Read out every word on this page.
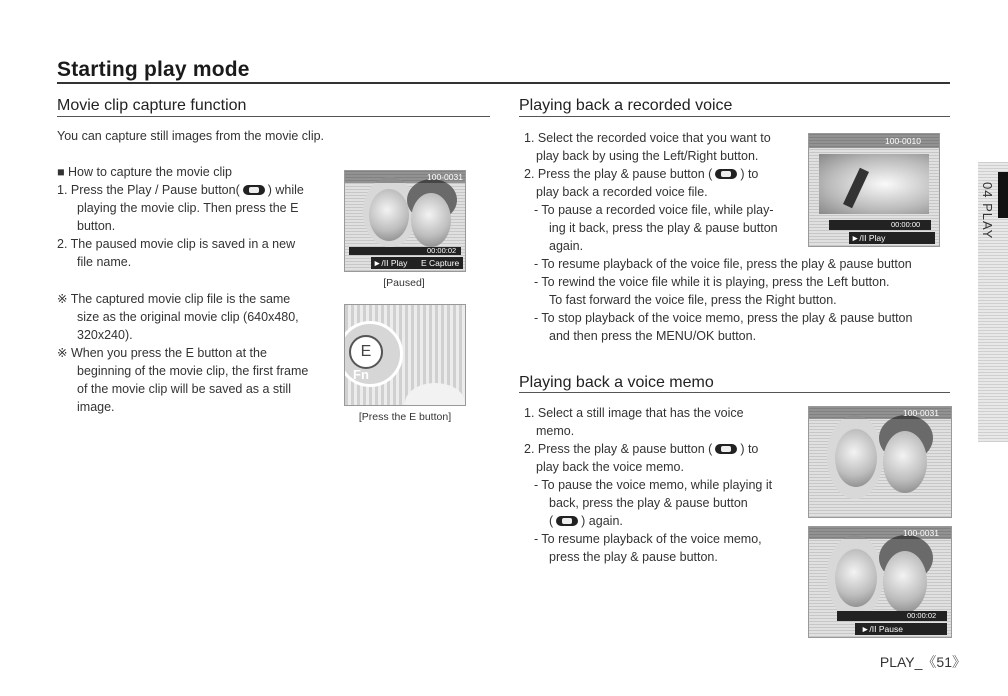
Starting play mode
Movie clip capture function
You can capture still images from the movie clip.

■ How to capture the movie clip

1. Press the Play / Pause button( ) while

playing the movie clip. Then press the E

button.

2. The paused movie clip is saved in a new

file name.

※ The captured movie clip file is the same

size as the original movie clip (640x480,

320x240).

※ When you press the E button at the

beginning of the movie clip, the first frame

of the movie clip will be saved as a still

image.

100-0031
00:00:02
►/II Play E Capture
[Paused]
E
Fn
[Press the E button]
Playing back a recorded voice

1. Select the recorded voice that you want to

play back by using the Left/Right button.

2. Press the play & pause button ( ) to

play back a recorded voice file.

- To pause a recorded voice file, while play-

ing it back, press the play & pause button

again.

- To resume playback of the voice file, press the play & pause button

- To rewind the voice file while it is playing, press the Left button.

To fast forward the voice file, press the Right button.

- To stop playback of the voice memo, press the play & pause button

and then press the MENU/OK button.

100-0010
00:00:00
►/II Play
Playing back a voice memo

1. Select a still image that has the voice

memo.

2. Press the play & pause button ( ) to

play back the voice memo.

- To pause the voice memo, while playing it

back, press the play & pause button

( ) again.

- To resume playback of the voice memo,

press the play & pause button.

100-0031
100-0031
00:00:02
►/II Pause
04 PLAY
PLAY_《51》
